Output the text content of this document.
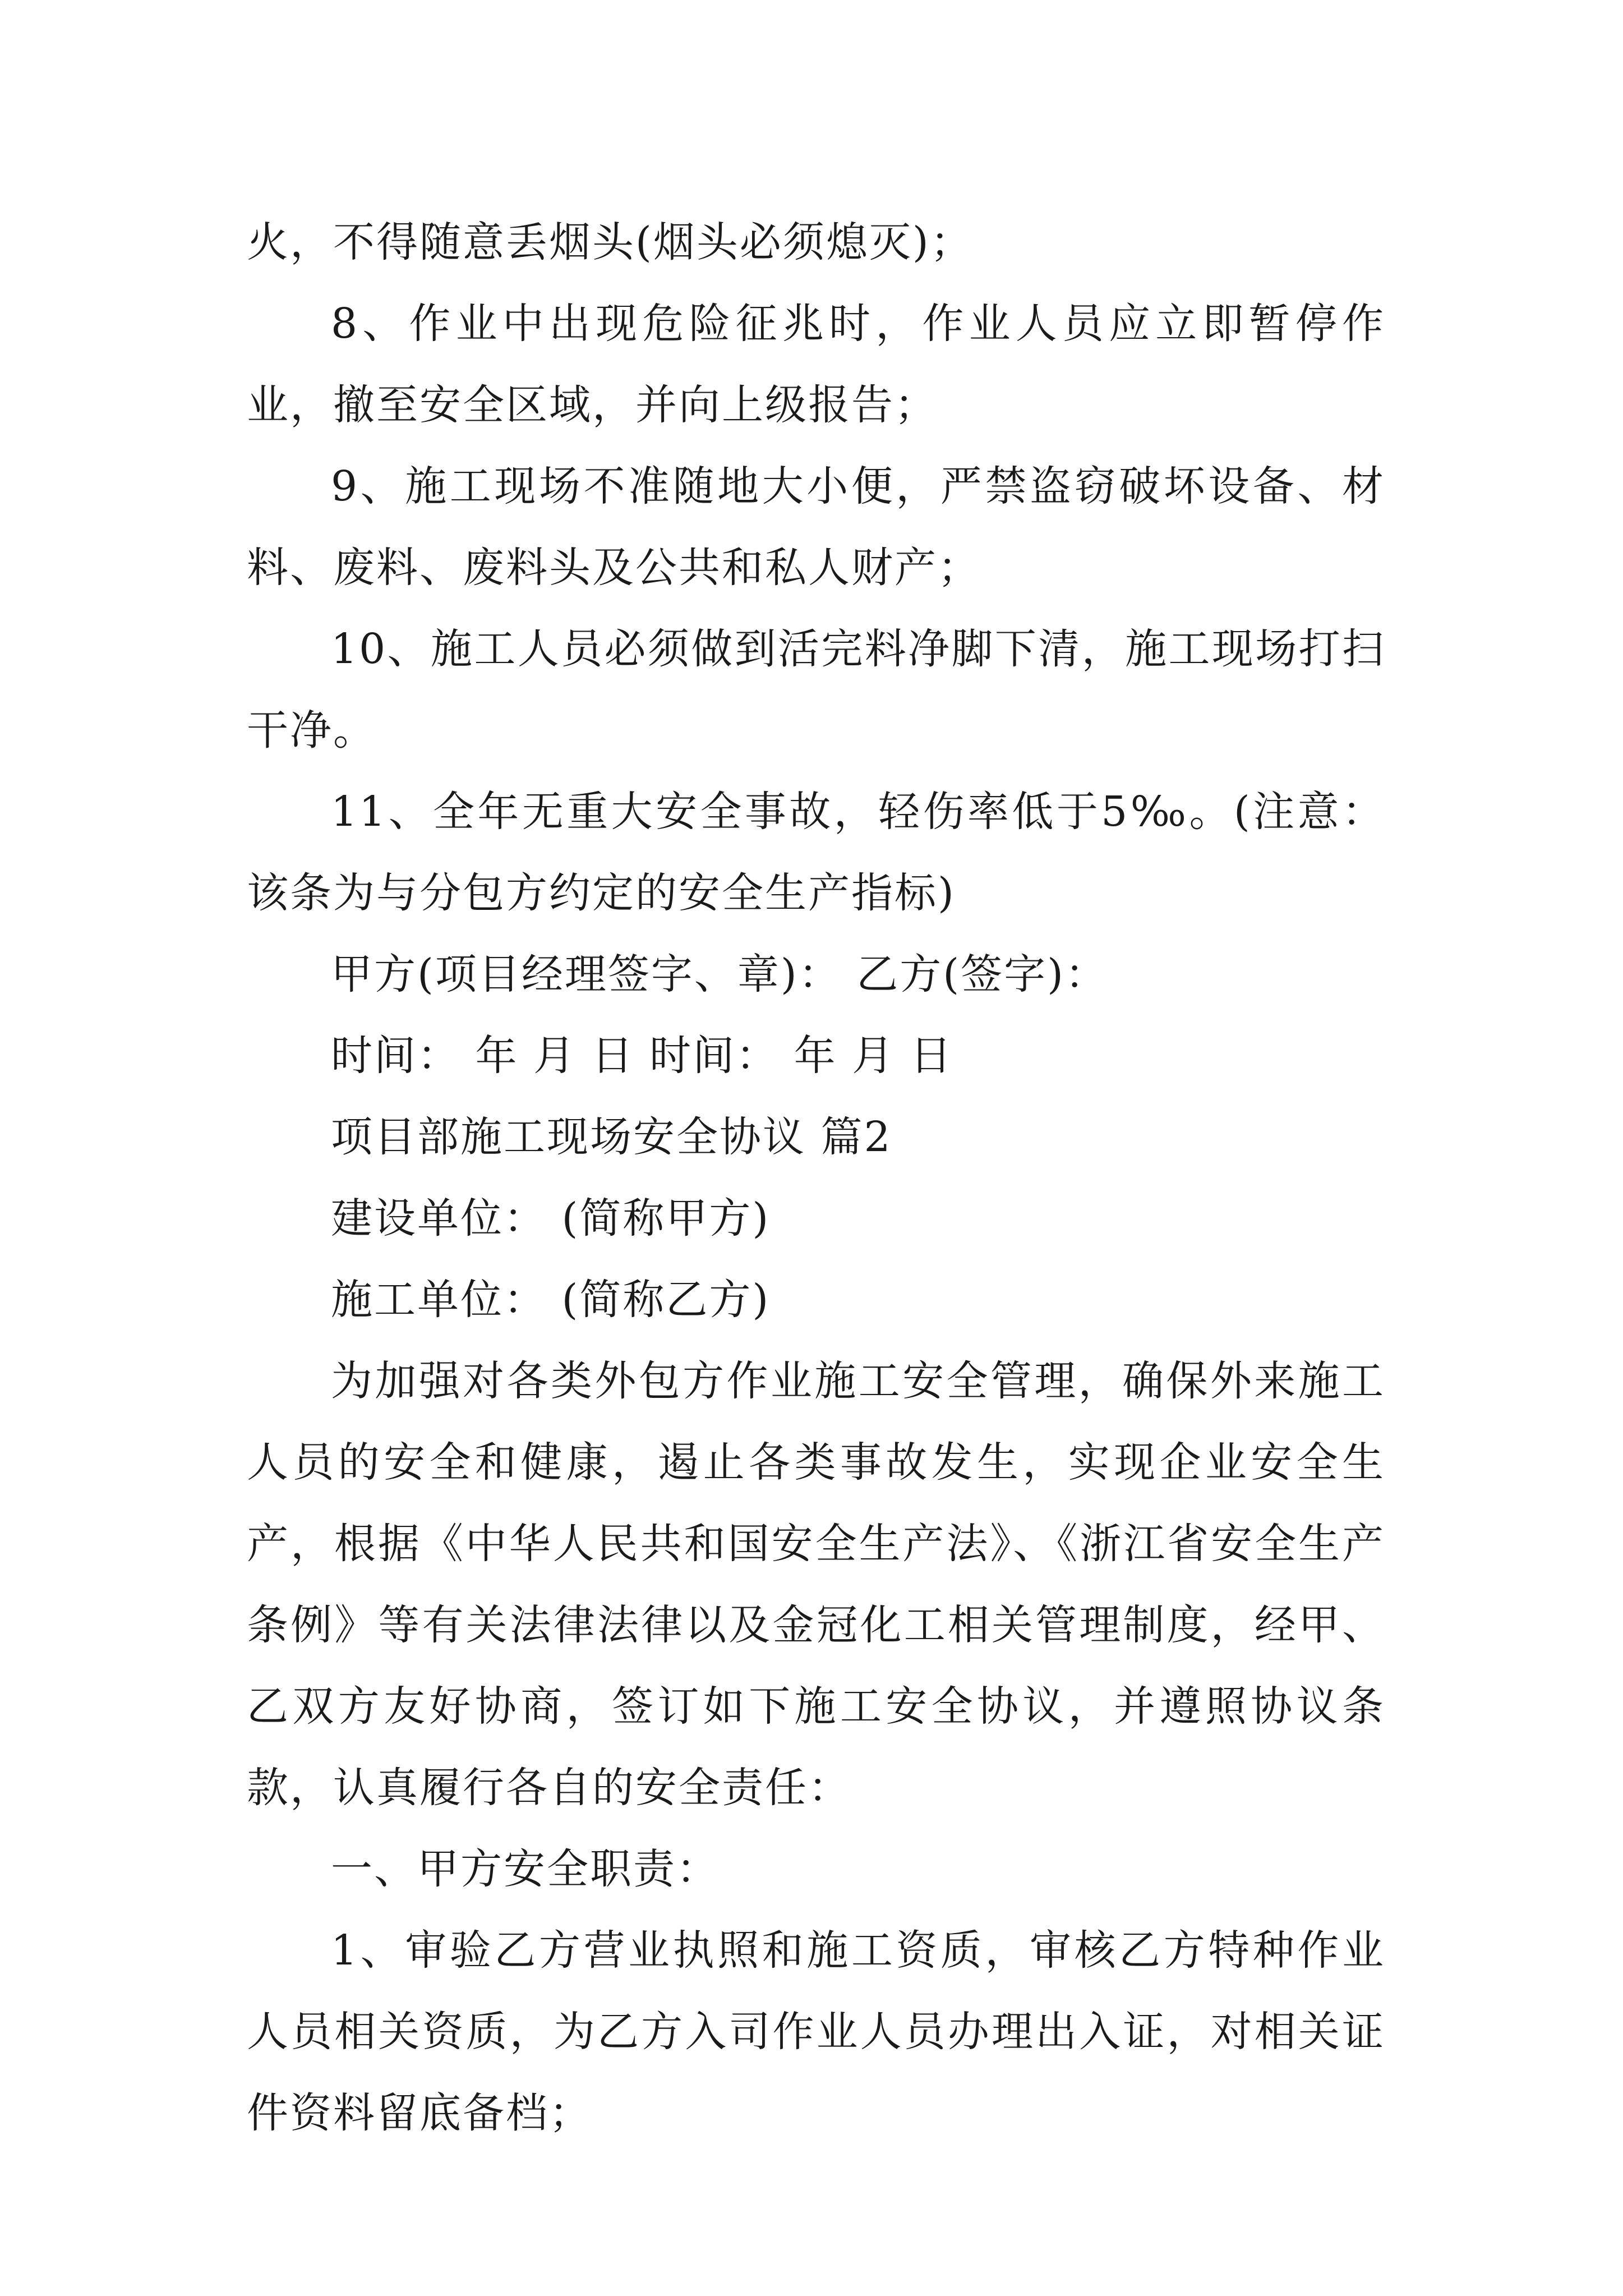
火，不得随意丢烟头(烟头必须熄灭)；

8、作业中出现危险征兆时，作业人员应立即暂停作业，撤至安全区域，并向上级报告；

9、施工现场不准随地大小便，严禁盗窃破坏设备、材料、废料、废料头及公共和私人财产；

10、施工人员必须做到活完料净脚下清，施工现场打扫干净。

11、全年无重大安全事故，轻伤率低于5‰。(注意：该条为与分包方约定的安全生产指标)

甲方(项目经理签字、章)： 乙方(签字)：

时间： 年 月 日 时间： 年 月 日

项目部施工现场安全协议 篇2

建设单位： (简称甲方)

施工单位： (简称乙方)

为加强对各类外包方作业施工安全管理，确保外来施工人员的安全和健康，遏止各类事故发生，实现企业安全生产，根据《中华人民共和国安全生产法》、《浙江省安全生产条例》等有关法律法律以及金冠化工相关管理制度，经甲、乙双方友好协商，签订如下施工安全协议，并遵照协议条款，认真履行各自的安全责任：

一、甲方安全职责：

1、审验乙方营业执照和施工资质，审核乙方特种作业人员相关资质，为乙方入司作业人员办理出入证，对相关证件资料留底备档；
